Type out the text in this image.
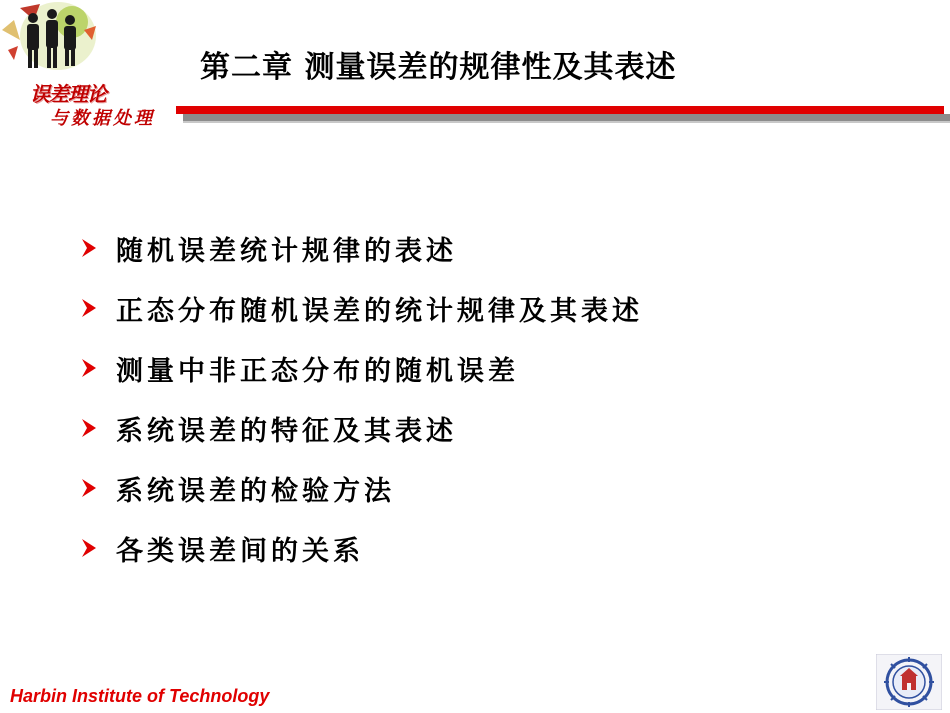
误差理论
与数据处理
第二章 测量误差的规律性及其表述
随机误差统计规律的表述
正态分布随机误差的统计规律及其表述
测量中非正态分布的随机误差
系统误差的特征及其表述
系统误差的检验方法
各类误差间的关系
Harbin Institute of Technology
